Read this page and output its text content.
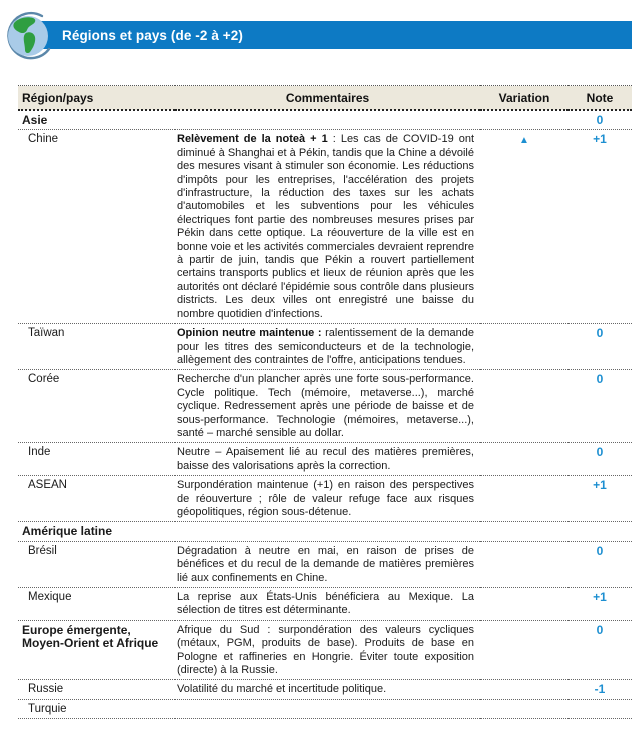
Régions et pays (de -2 à +2)
Région/pays	Commentaires	Variation	Note
Asie			0
Chine	Relèvement de la noteà + 1 : Les cas de COVID-19 ont diminué à Shanghai et à Pékin, tandis que la Chine a dévoilé des mesures visant à stimuler son économie. Les réductions d'impôts pour les entreprises, l'accélération des projets d'infrastructure, la réduction des taxes sur les achats d'automobiles et les subventions pour les véhicules électriques font partie des nombreuses mesures prises par Pékin dans cette optique. La réouverture de la ville est en bonne voie et les activités commerciales devraient reprendre à partir de juin, tandis que Pékin a rouvert partiellement certains transports publics et lieux de réunion après que les autorités ont déclaré l'épidémie sous contrôle dans plusieurs districts. Les deux villes ont enregistré une baisse du nombre quotidien d'infections.	▲	+1
Taïwan	Opinion neutre maintenue : ralentissement de la demande pour les titres des semiconducteurs et de la technologie, allègement des contraintes de l'offre, anticipations tendues.		0
Corée	Recherche d'un plancher après une forte sous-performance. Cycle politique. Tech (mémoire, metaverse...), marché cyclique. Redressement après une période de baisse et de sous-performance. Technologie (mémoires, metaverse...), santé – marché sensible au dollar.		0
Inde	Neutre – Apaisement lié au recul des matières premières, baisse des valorisations après la correction.		0
ASEAN	Surpondération maintenue (+1) en raison des perspectives de réouverture ; rôle de valeur refuge face aux risques géopolitiques, région sous-détenue.		+1
Amérique latine			
Brésil	Dégradation à neutre en mai, en raison de prises de bénéfices et du recul de la demande de matières premières lié aux confinements en Chine.		0
Mexique	La reprise aux États-Unis bénéficiera au Mexique. La sélection de titres est déterminante.		+1
Europe émergente, Moyen-Orient et Afrique	Afrique du Sud : surpondération des valeurs cycliques (métaux, PGM, produits de base). Produits de base en Pologne et raffineries en Hongrie. Éviter toute exposition (directe) à la Russie.		0
Russie	Volatilité du marché et incertitude politique.		-1
Turquie			
